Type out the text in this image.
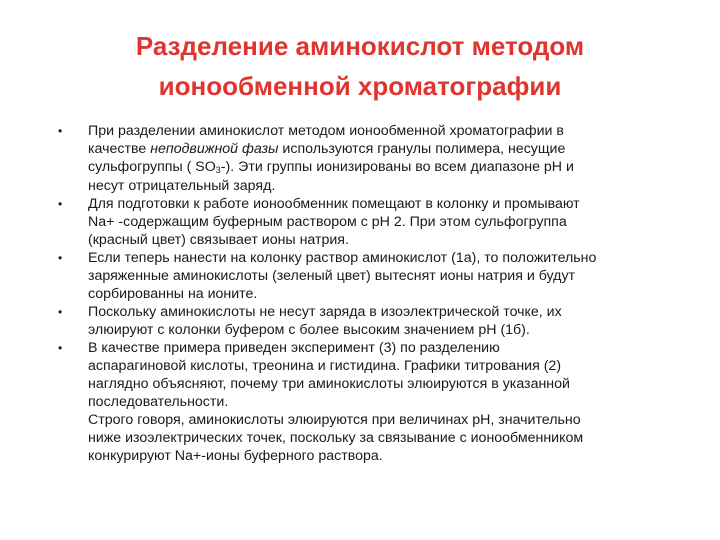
Разделение аминокислот методом
ионообменной хроматографии
•	При разделении аминокислот методом ионообменной хроматографии в
качестве неподвижной фазы используются гранулы полимера, несущие
сульфогруппы ( $SO_3-$). Эти группы ионизированы во всем диапазоне pH и
несут отрицательный заряд.
•	Для подготовки к работе ионообменник помещают в колонку и промывают
Na+ -содержащим буферным раствором с pH 2. При этом сульфогруппа
(красный цвет) связывает ионы натрия.
•	Если теперь нанести на колонку раствор аминокислот (1а), то положительно
заряженные аминокислоты (зеленый цвет) вытеснят ионы натрия и будут
сорбированны на ионите.
•	Поскольку аминокислоты не несут заряда в изоэлектрической точке, их
элюируют с колонки буфером с более высоким значением pH (1б).
•	В качестве примера приведен эксперимент (3) по разделению
аспарагиновой кислоты, треонина и гистидина. Графики титрования (2)
наглядно объясняют, почему три аминокислоты элюируются в указанной
последовательности.
Строго говоря, аминокислоты элюируются при величинах pH, значительно
ниже изоэлектрических точек, поскольку за связывание с ионообменником
конкурируют Na+-ионы буферного раствора.
